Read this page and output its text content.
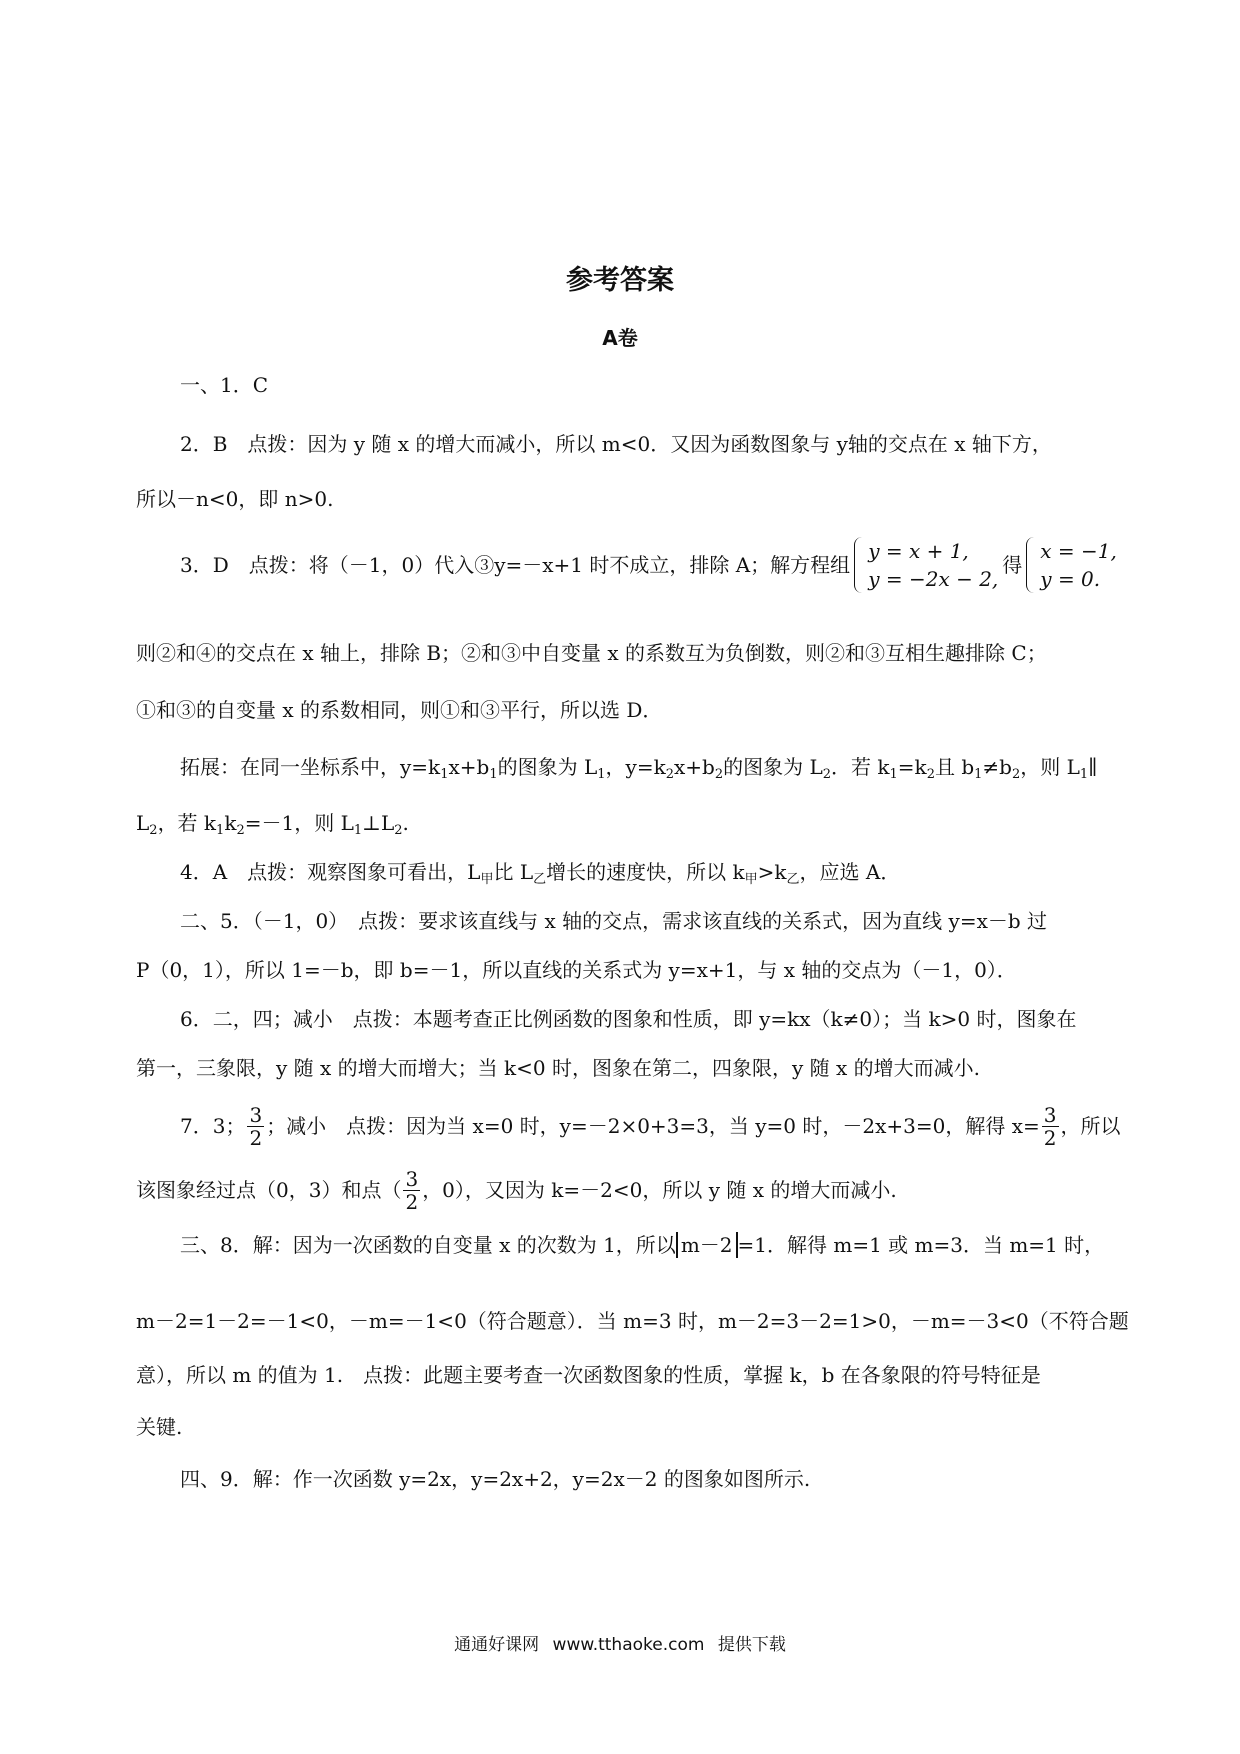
参考答案
A卷
一、1．C
2．B　点拨：因为 y 随 x 的增大而减小，所以 m<0．又因为函数图象与 y轴的交点在 x 轴下方，
所以－n<0，即 n>0.
3．D　点拨：将（－1，0）代入③y=－x+1 时不成立，排除 A；解方程组
y = x + 1,
y = −2x − 2,
得
x = −1,
y = 0.
则②和④的交点在 x 轴上，排除 B；②和③中自变量 x 的系数互为负倒数，则②和③互相生趣排除 C；
①和③的自变量 x 的系数相同，则①和③平行，所以选 D．
拓展：在同一坐标系中，$y=k_1x+b_1$的图象为 $L_1$，$y=k_2x+b_2$的图象为 $L_2$．若 $k_1=k_2$且 $b_1\ne b_2$，则 $L_1\parallel$
$L_2$，若 $k_1k_2=-1$，则 $L_1\perp L_2$.
4．A　点拨：观察图象可看出，$L_甲$比 $L_乙$增长的速度快，所以 $k_甲>k_乙$，应选 A．
二、5．（－1，0）　点拨：要求该直线与 x 轴的交点，需求该直线的关系式，因为直线 y=x－b 过
P（0，1），所以 1=－b，即 b=－1，所以直线的关系式为 y=x+1，与 x 轴的交点为（－1，0）．
6．二，四；减小　点拨：本题考查正比例函数的图象和性质，即 y=kx（k≠0）；当 k>0 时，图象在
第一，三象限，y 随 x 的增大而增大；当 k<0 时，图象在第二，四象限，y 随 x 的增大而减小.
7．3； $\frac{3}{2}$ ；减小　点拨：因为当 x=0 时，y=－2×0+3=3，当 y=0 时，－2x+3=0，解得 $x= \frac{3}{2}$ ，所以
该图象经过点（0，3）和点（ $\frac{3}{2}$ ，0），又因为 k=－2<0，所以 y 随 x 的增大而减小.
三、8．解：因为一次函数的自变量 x 的次数为 1，所以 m－2 =1．解得 m=1 或 m=3．当 m=1 时，
m－2=1－2=－1<0，－m=－1<0（符合题意）．当 m=3 时，m－2=3－2=1>0，－m=－3<0（不符合题
意），所以 m 的值为 1.　点拨：此题主要考查一次函数图象的性质，掌握 k，b 在各象限的符号特征是
关键.
四、9．解：作一次函数 y=2x，y=2x+2，y=2x－2 的图象如图所示.
通通好课网 www.tthaoke.com 提供下载
